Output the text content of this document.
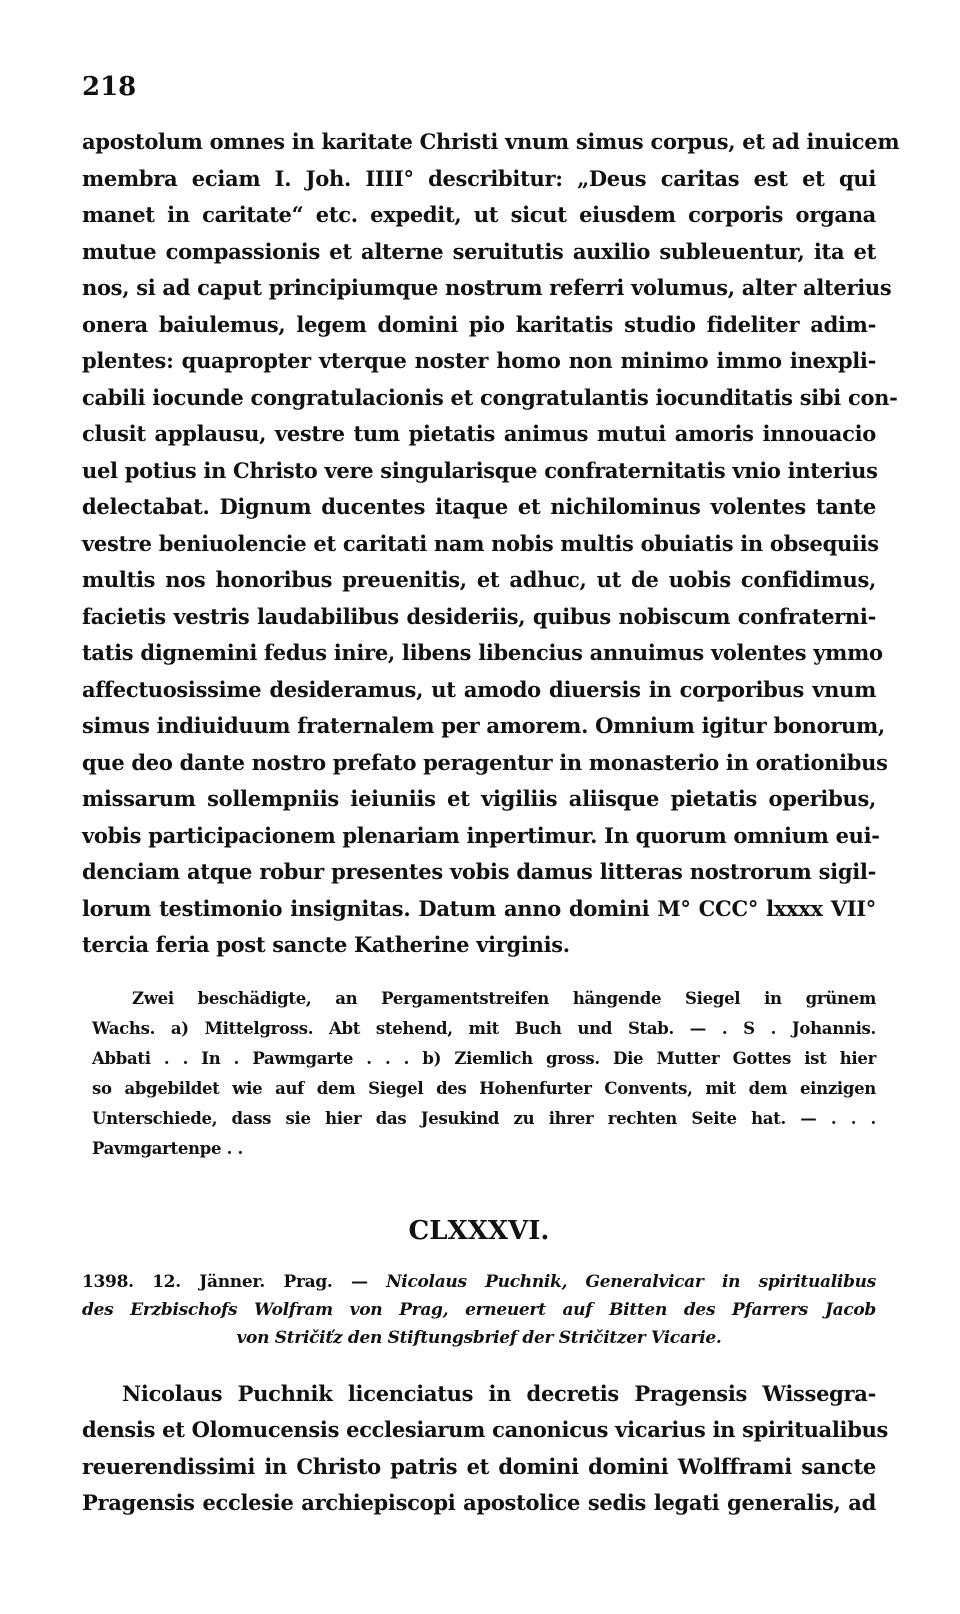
218
apostolum omnes in karitate Christi vnum simus corpus, et ad inuicem
membra eciam I. Joh. IIII° describitur: „Deus caritas est et qui
manet in caritate“ etc. expedit, ut sicut eiusdem corporis organa
mutue compassionis et alterne seruitutis auxilio subleuentur, ita et
nos, si ad caput principiumque nostrum referri volumus, alter alterius
onera baiulemus, legem domini pio karitatis studio fideliter adim-
plentes: quapropter vterque noster homo non minimo immo inexpli-
cabili iocunde congratulacionis et congratulantis iocunditatis sibi con-
clusit applausu, vestre tum pietatis animus mutui amoris innouacio
uel potius in Christo vere singularisque confraternitatis vnio interius
delectabat. Dignum ducentes itaque et nichilominus volentes tante
vestre beniuolencie et caritati nam nobis multis obuiatis in obsequiis
multis nos honoribus preuenitis, et adhuc, ut de uobis confidimus,
facietis vestris laudabilibus desideriis, quibus nobiscum confraterni-
tatis dignemini fedus inire, libens libencius annuimus volentes ymmo
affectuosissime desideramus, ut amodo diuersis in corporibus vnum
simus indiuiduum fraternalem per amorem. Omnium igitur bonorum,
que deo dante nostro prefato peragentur in monasterio in orationibus
missarum sollempniis ieiuniis et vigiliis aliisque pietatis operibus,
vobis participacionem plenariam inpertimur. In quorum omnium eui-
denciam atque robur presentes vobis damus litteras nostrorum sigil-
lorum testimonio insignitas. Datum anno domini M° CCC° lxxxx VII°
tercia feria post sancte Katherine virginis.
Zwei beschädigte, an Pergamentstreifen hängende Siegel in grünem
Wachs. a) Mittelgross. Abt stehend, mit Buch und Stab. — . S . Johannis.
Abbati . . In . Pawmgarte . . . b) Ziemlich gross. Die Mutter Gottes ist hier
so abgebildet wie auf dem Siegel des Hohenfurter Convents, mit dem einzigen
Unterschiede, dass sie hier das Jesukind zu ihrer rechten Seite hat. — . . .
Pavmgartenpe . .
CLXXXVI.
1398. 12. Jänner. Prag. — Nicolaus Puchnik, Generalvicar in spiritualibus
des Erzbischofs Wolfram von Prag, erneuert auf Bitten des Pfarrers Jacob
von Stričiťz den Stiftungsbrief der Stričitzer Vicarie.
Nicolaus Puchnik licenciatus in decretis Pragensis Wissegra-
densis et Olomucensis ecclesiarum canonicus vicarius in spiritualibus
reuerendissimi in Christo patris et domini domini Wolfframi sancte
Pragensis ecclesie archiepiscopi apostolice sedis legati generalis, ad
